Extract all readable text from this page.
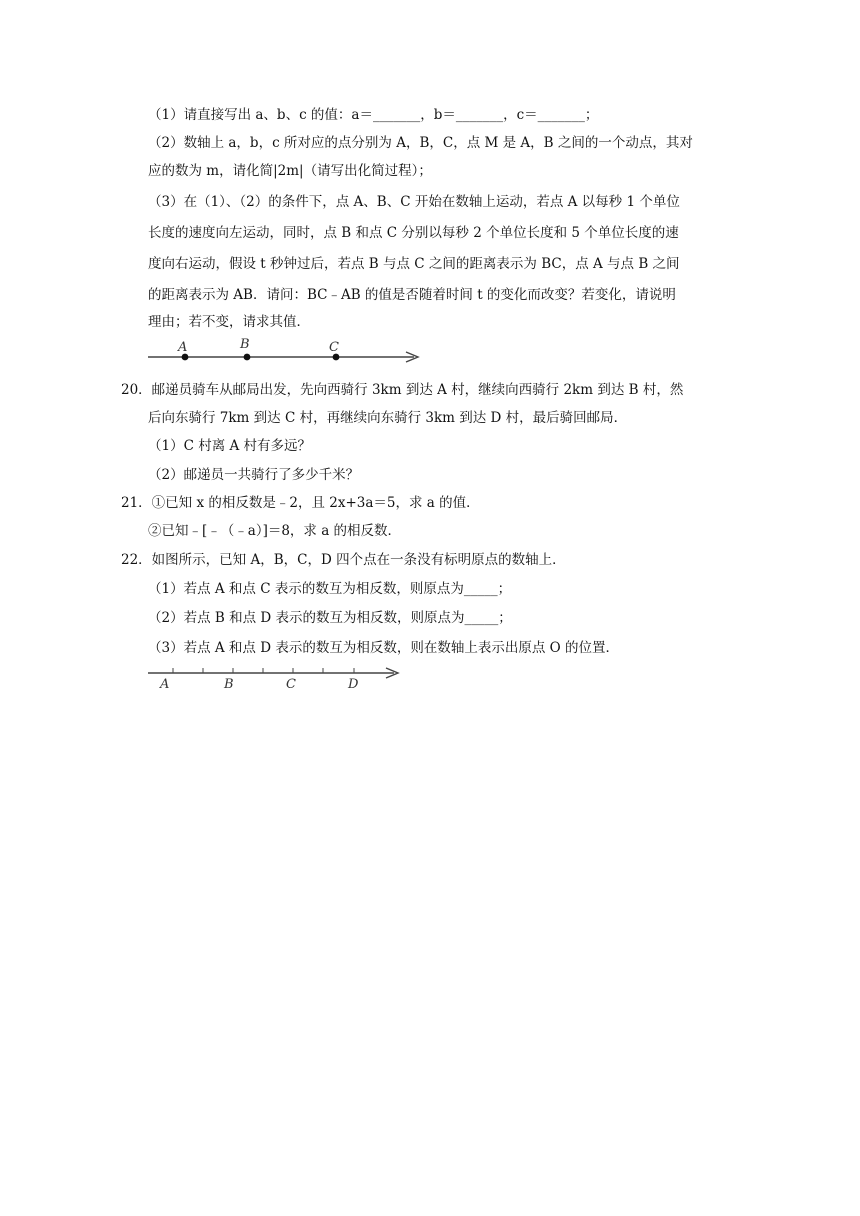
（1）请直接写出 a、b、c 的值：a＝_______，b＝_______，c＝_______；
（2）数轴上 a，b，c 所对应的点分别为 A，B，C，点 M 是 A，B 之间的一个动点，其对
应的数为 m，请化简|2m|（请写出化简过程）；
（3）在（1）、（2）的条件下，点 A、B、C 开始在数轴上运动，若点 A 以每秒 1 个单位
长度的速度向左运动，同时，点 B 和点 C 分别以每秒 2 个单位长度和 5 个单位长度的速
度向右运动，假设 t 秒钟过后，若点 B 与点 C 之间的距离表示为 BC，点 A 与点 B 之间
的距离表示为 AB．请问：BC﹣AB 的值是否随着时间 t 的变化而改变？若变化，请说明
理由；若不变，请求其值．
A	B	C
20．邮递员骑车从邮局出发，先向西骑行 3km 到达 A 村，继续向西骑行 2km 到达 B 村，然
后向东骑行 7km 到达 C 村，再继续向东骑行 3km 到达 D 村，最后骑回邮局．
（1）C 村离 A 村有多远？
（2）邮递员一共骑行了多少千米？
21．①已知 x 的相反数是﹣2，且 2x+3a＝5，求 a 的值．
②已知﹣[﹣（﹣a）]＝8，求 a 的相反数．
22．如图所示，已知 A，B，C，D 四个点在一条没有标明原点的数轴上．
（1）若点 A 和点 C 表示的数互为相反数，则原点为_____；
（2）若点 B 和点 D 表示的数互为相反数，则原点为_____；
（3）若点 A 和点 D 表示的数互为相反数，则在数轴上表示出原点 O 的位置．
A	B	C	D
